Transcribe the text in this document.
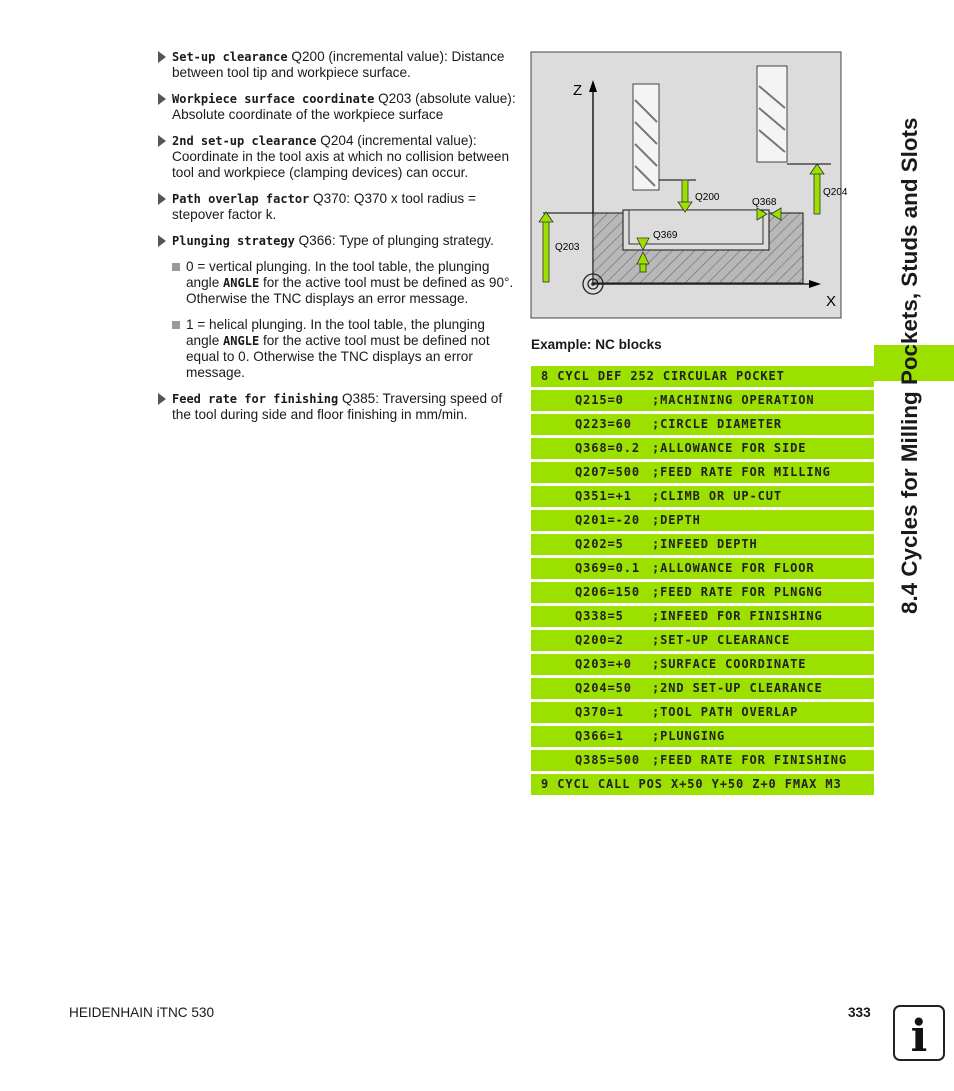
Set-up clearance Q200 (incremental value): Distance between tool tip and workpiece surface.
Workpiece surface coordinate Q203 (absolute value): Absolute coordinate of the workpiece surface
2nd set-up clearance Q204 (incremental value): Coordinate in the tool axis at which no collision between tool and workpiece (clamping devices) can occur.
Path overlap factor Q370: Q370 x tool radius = stepover factor k.
Plunging strategy Q366: Type of plunging strategy.
0 = vertical plunging. In the tool table, the plunging angle ANGLE for the active tool must be defined as 90°. Otherwise the TNC displays an error message.
1 = helical plunging. In the tool table, the plunging angle ANGLE for the active tool must be defined not equal to 0. Otherwise the TNC displays an error message.
Feed rate for finishing Q385: Traversing speed of the tool during side and floor finishing in mm/min.
Z
X
Q200	Q368
Q204
Q369
Q203
Example: NC blocks
8 CYCL DEF 252 CIRCULAR POCKET
Q215=0 ;MACHINING OPERATION
Q223=60 ;CIRCLE DIAMETER
Q368=0.2 ;ALLOWANCE FOR SIDE
Q207=500 ;FEED RATE FOR MILLING
Q351=+1 ;CLIMB OR UP-CUT
Q201=-20 ;DEPTH
Q202=5 ;INFEED DEPTH
Q369=0.1 ;ALLOWANCE FOR FLOOR
Q206=150 ;FEED RATE FOR PLNGNG
Q338=5 ;INFEED FOR FINISHING
Q200=2 ;SET-UP CLEARANCE
Q203=+0 ;SURFACE COORDINATE
Q204=50 ;2ND SET-UP CLEARANCE
Q370=1 ;TOOL PATH OVERLAP
Q366=1 ;PLUNGING
Q385=500 ;FEED RATE FOR FINISHING
9 CYCL CALL POS X+50 Y+50 Z+0 FMAX M3
8.4 Cycles for Milling Pockets, Studs and Slots
HEIDENHAIN iTNC 530	333 i
